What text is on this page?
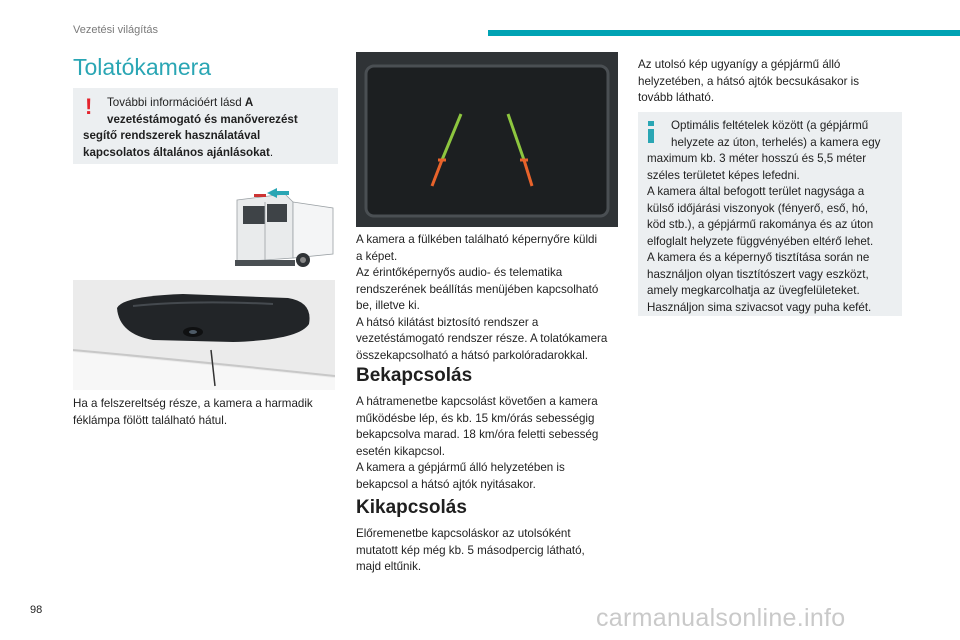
Vezetési világítás
Tolatókamera
!	További információért lásd A
vezetéstámogató és manőverezést
segítő rendszerek használatával
kapcsolatos általános ajánlásokat.
Ha a felszereltség része, a kamera a harmadik
féklámpa fölött található hátul.
A kamera a fülkében található képernyőre küldi
a képet.
Az érintőképernyős audio- és telematika
rendszerének beállítás menüjében kapcsolható
be, illetve ki.
A hátsó kilátást biztosító rendszer a
vezetéstámogató rendszer része. A tolatókamera
összekapcsolható a hátsó parkolóradarokkal.
Bekapcsolás
A hátramenetbe kapcsolást követően a kamera
működésbe lép, és kb. 15 km/órás sebességig
bekapcsolva marad. 18 km/óra feletti sebesség
esetén kikapcsol.
A kamera a gépjármű álló helyzetében is
bekapcsol a hátsó ajtók nyitásakor.
Kikapcsolás
Előremenetbe kapcsoláskor az utolsóként
mutatott kép még kb. 5 másodpercig látható,
majd eltűnik.
Az utolsó kép ugyanígy a gépjármű álló
helyzetében, a hátsó ajtók becsukásakor is
tovább látható.
Optimális feltételek között (a gépjármű
helyzete az úton, terhelés) a kamera egy
maximum kb. 3 méter hosszú és 5,5 méter
széles területet képes lefedni.
A kamera által befogott terület nagysága a
külső időjárási viszonyok (fényerő, eső, hó,
köd stb.), a gépjármű rakománya és az úton
elfoglalt helyzete függvényében eltérő lehet.
A kamera és a képernyő tisztítása során ne
használjon olyan tisztítószert vagy eszközt,
amely megkarcolhatja az üvegfelületeket.
Használjon sima szivacsot vagy puha kefét.
98	carmanualsonline.info
